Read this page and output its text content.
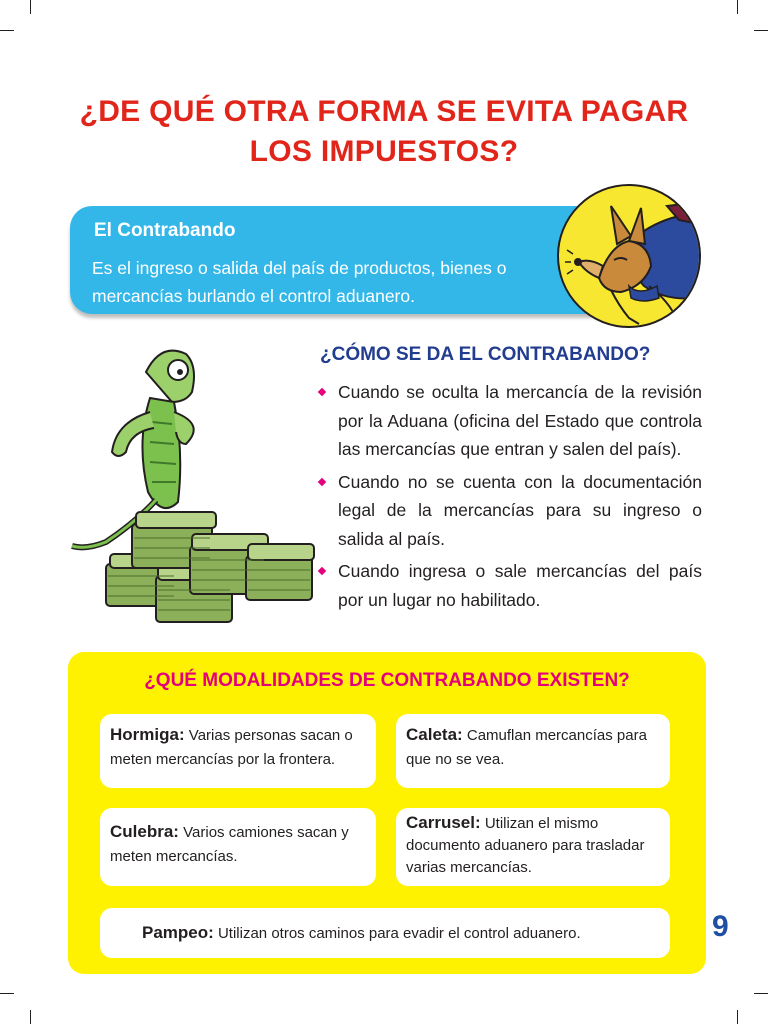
¿DE QUÉ OTRA FORMA SE EVITA PAGAR
LOS IMPUESTOS?
El Contrabando
Es el ingreso o salida del país de productos, bienes o mercancías burlando el control aduanero.
¿CÓMO SE DA EL CONTRABANDO?
Cuando se oculta la mercancía de la revisión por la Aduana (oficina del Estado que controla las mercancías que entran y salen del país).
Cuando no se cuenta con la documentación legal de la mercancías para su ingreso o salida al país.
Cuando ingresa o sale mercancías del país por un lugar no habilitado.
¿QUÉ MODALIDADES DE CONTRABANDO EXISTEN?
Hormiga: Varias personas sacan o meten mercancías por la frontera.
Caleta: Camuflan mercancías para que no se vea.
Culebra: Varios camiones sacan y meten mercancías.
Carrusel: Utilizan el mismo documento aduanero para trasladar varias mercancías.
Pampeo: Utilizan otros caminos para evadir el control aduanero.	9
